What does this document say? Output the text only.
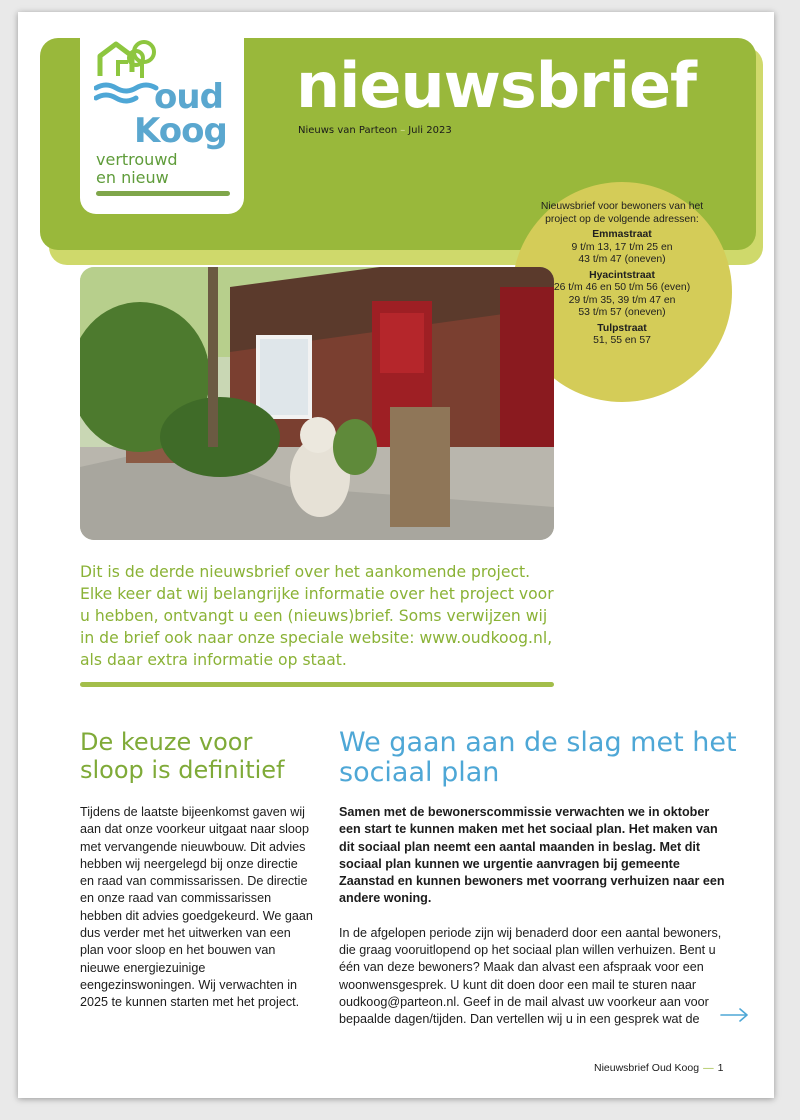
oud
Koog
vertrouwd
en nieuw
nieuwsbrief
Nieuws van Parteon – Juli 2023
Nieuwsbrief voor bewoners van het project op de volgende adressen:
Emmastraat
9 t/m 13, 17 t/m 25 en
43 t/m 47 (oneven)
Hyacintstraat
26 t/m 46 en 50 t/m 56 (even)
29 t/m 35, 39 t/m 47 en
53 t/m 57 (oneven)
Tulpstraat
51, 55 en 57
Dit is de derde nieuwsbrief over het aankomende project. Elke keer dat wij belangrijke informatie over het project voor u hebben, ontvangt u een (nieuws)brief. Soms verwijzen wij in de brief ook naar onze speciale website: www.oudkoog.nl, als daar extra informatie op staat.
De keuze voor sloop is definitief
We gaan aan de slag met het sociaal plan
Tijdens de laatste bijeenkomst gaven wij aan dat onze voorkeur uitgaat naar sloop met vervangende nieuwbouw. Dit advies hebben wij neergelegd bij onze directie en raad van commissarissen. De directie en onze raad van commissarissen hebben dit advies goedgekeurd. We gaan dus verder met het uitwerken van een plan voor sloop en het bouwen van nieuwe energiezuinige eengezinswoningen. Wij verwachten in 2025 te kunnen starten met het project.

Samen met de bewonerscommissie verwachten we in oktober een start te kunnen maken met het sociaal plan. Het maken van dit sociaal plan neemt een aantal maanden in beslag. Met dit sociaal plan kunnen we urgentie aanvragen bij gemeente Zaanstad en kunnen bewoners met voorrang verhuizen naar een andere woning.

In de afgelopen periode zijn wij benaderd door een aantal bewoners, die graag vooruitlopend op het sociaal plan willen verhuizen. Bent u één van deze bewoners? Maak dan alvast een afspraak voor een woonwensgesprek. U kunt dit doen door een mail te sturen naar oudkoog@parteon.nl. Geef in de mail alvast uw voorkeur aan voor bepaalde dagen/tijden. Dan vertellen wij u in een gesprek wat de

Nieuwsbrief Oud Koog — 1
